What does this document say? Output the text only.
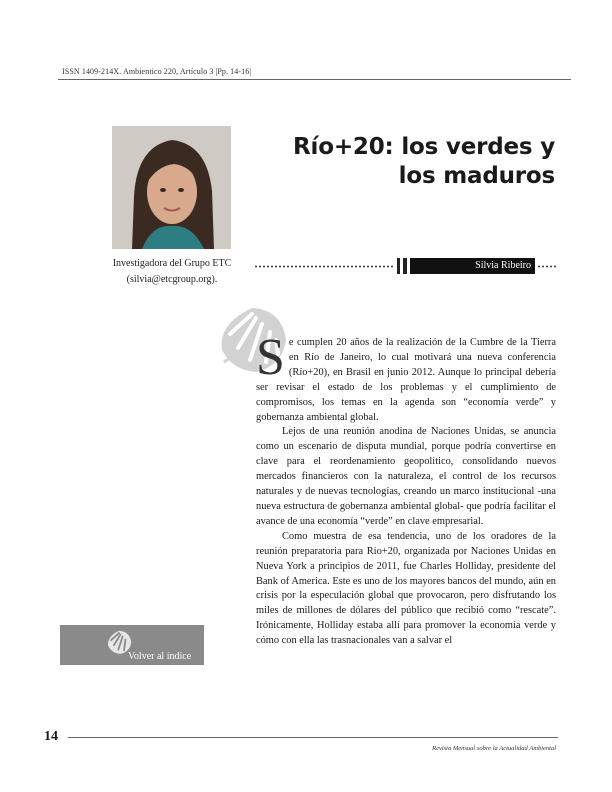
ISSN 1409-214X. Ambientico 220, Artículo 3 |Pp. 14-16|
Investigadora del Grupo ETC (silvia@etcgroup.org).
Río+20: los verdes y
los maduros
Silvia Ribeiro

Se cumplen 20 años de la realización de la Cumbre de la Tierra en Río de Janeiro, lo cual motivará una nueva conferencia (Río+20), en Brasil en junio 2012. Aunque lo principal debería ser revisar el estado de los problemas y el cumplimiento de compromisos, los temas en la agenda son “economía verde” y gobernanza ambiental global.

Lejos de una reunión anodina de Naciones Unidas, se anuncia como un escenario de disputa mundial, porque podría convertirse en clave para el reordenamiento geopolítico, consolidando nuevos mercados financieros con la naturaleza, el control de los recursos naturales y de nuevas tecnologías, creando un marco institucional -una nueva estructura de gobernanza ambiental global- que podría facilitar el avance de una economía “verde” en clave empresarial.

Como muestra de esa tendencia, uno de los oradores de la reunión preparatoria para Río+20, organizada por Naciones Unidas en Nueva York a principios de 2011, fue Charles Holliday, presidente del Bank of America. Este es uno de los mayores bancos del mundo, aún en crisis por la especulación global que provocaron, pero disfrutando los miles de millones de dólares del público que recibió como “rescate”. Irónicamente, Holliday estaba allí para promover la economía verde y cómo con ella las trasnacionales van a salvar el

Volver al índice
14
Revista Mensual sobre la Actualidad Ambiental
